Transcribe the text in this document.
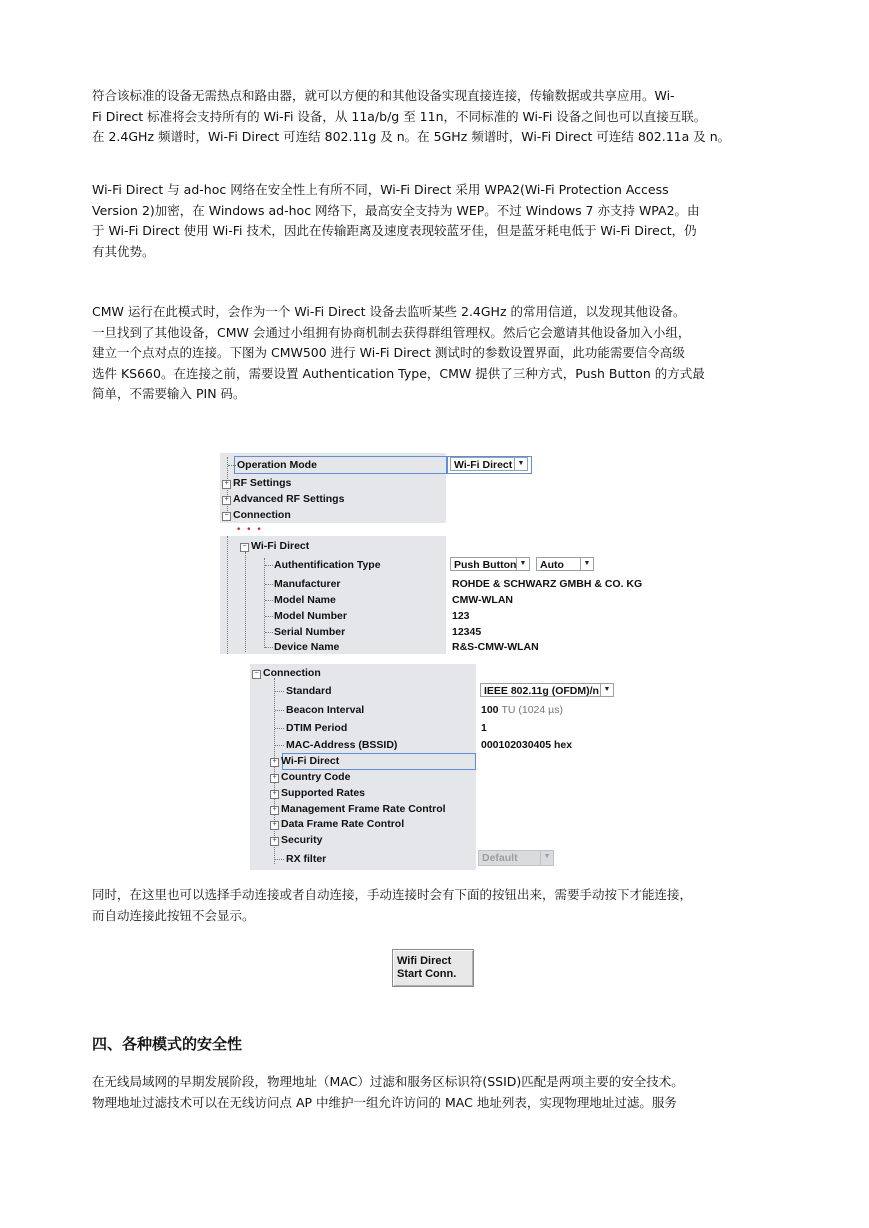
符合该标准的设备无需热点和路由器，就可以方便的和其他设备实现直接连接，传输数据或共享应用。Wi-
Fi Direct 标准将会支持所有的 Wi-Fi 设备，从 11a/b/g 至 11n，不同标准的 Wi-Fi 设备之间也可以直接互联。
在 2.4GHz 频谱时，Wi-Fi Direct 可连结 802.11g 及 n。在 5GHz 频谱时，Wi-Fi Direct 可连结 802.11a 及 n。
Wi-Fi Direct 与 ad-hoc 网络在安全性上有所不同，Wi-Fi Direct 采用 WPA2(Wi-Fi Protection Access
Version 2)加密，在 Windows ad-hoc 网络下，最高安全支持为 WEP。不过 Windows 7 亦支持 WPA2。由
于 Wi-Fi Direct 使用 Wi-Fi 技术，因此在传输距离及速度表现较蓝牙佳，但是蓝牙耗电低于 Wi-Fi Direct，仍
有其优势。
CMW 运行在此模式时，会作为一个 Wi-Fi Direct 设备去监听某些 2.4GHz 的常用信道，以发现其他设备。
一旦找到了其他设备，CMW 会通过小组拥有协商机制去获得群组管理权。然后它会邀请其他设备加入小组，
建立一个点对点的连接。下图为 CMW500 进行 Wi-Fi Direct 测试时的参数设置界面，此功能需要信令高级
选件 KS660。在连接之前，需要设置 Authentication Type，CMW 提供了三种方式，Push Button 的方式最
简单，不需要输入 PIN 码。
Operation Mode	Wi-Fi Direct ▼
+ RF Settings
+ Advanced RF Settings
− Connection
• • •
− Wi-Fi Direct
Authentification Type	Push Button ▼	Auto	▼
Manufacturer	ROHDE & SCHWARZ GMBH & CO. KG
Model Name	CMW-WLAN
Model Number	123
Serial Number	12345
Device Name	R&S-CMW-WLAN
− Connection
Standard	IEEE 802.11g (OFDM)/n ▼
Beacon Interval	100 TU (1024 µs)
DTIM Period	1
MAC-Address (BSSID)	000102030405 hex
+ Wi-Fi Direct
+ Country Code
+ Supported Rates
+ Management Frame Rate Control
+ Data Frame Rate Control
+ Security
RX filter	Default	▼
同时，在这里也可以选择手动连接或者自动连接，手动连接时会有下面的按钮出来，需要手动按下才能连接，
而自动连接此按钮不会显示。
Wifi Direct
Start Conn.
四、各种模式的安全性
在无线局域网的早期发展阶段，物理地址（MAC）过滤和服务区标识符(SSID)匹配是两项主要的安全技术。
物理地址过滤技术可以在无线访问点 AP 中维护一组允许访问的 MAC 地址列表，实现物理地址过滤。服务
